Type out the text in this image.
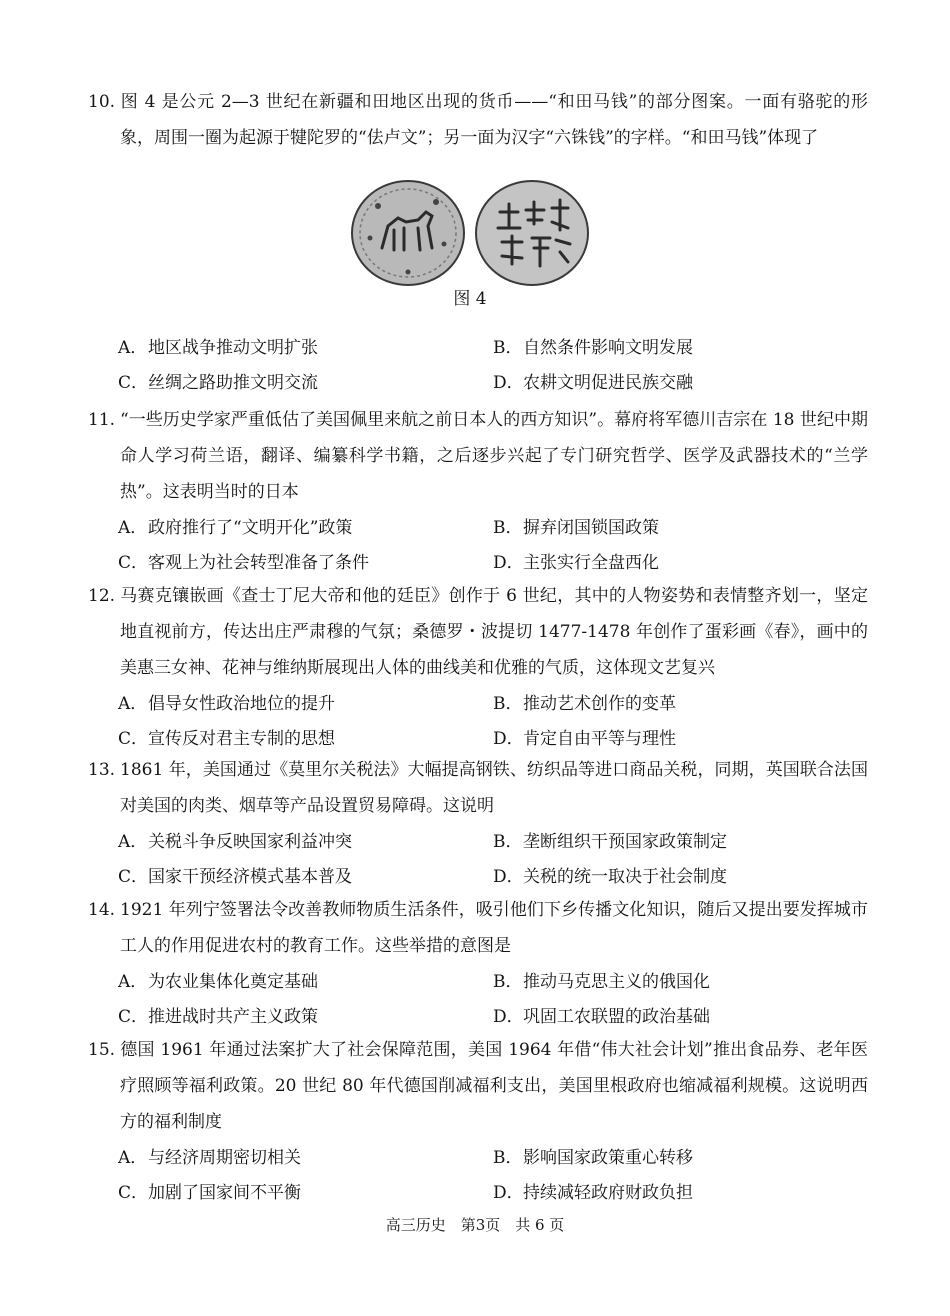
10. 图 4 是公元 2—3 世纪在新疆和田地区出现的货币——“和田马钱”的部分图案。一面有骆驼的形象，周围一圈为起源于犍陀罗的“佉卢文”；另一面为汉字“六铢钱”的字样。“和田马钱”体现了

图 4
A．地区战争推动文明扩张	B．自然条件影响文明发展
C．丝绸之路助推文明交流	D．农耕文明促进民族交融

11. “一些历史学家严重低估了美国佩里来航之前日本人的西方知识”。幕府将军德川吉宗在 18 世纪中期命人学习荷兰语，翻译、编纂科学书籍，之后逐步兴起了专门研究哲学、医学及武器技术的“兰学热”。这表明当时的日本

A．政府推行了“文明开化”政策	B．摒弃闭国锁国政策
C．客观上为社会转型准备了条件	D．主张实行全盘西化

12. 马赛克镶嵌画《查士丁尼大帝和他的廷臣》创作于 6 世纪，其中的人物姿势和表情整齐划一，坚定地直视前方，传达出庄严肃穆的气氛；桑德罗・波提切 1477-1478 年创作了蛋彩画《春》，画中的美惠三女神、花神与维纳斯展现出人体的曲线美和优雅的气质，这体现文艺复兴

A．倡导女性政治地位的提升	B．推动艺术创作的变革
C．宣传反对君主专制的思想	D．肯定自由平等与理性

13. 1861 年，美国通过《莫里尔关税法》大幅提高钢铁、纺织品等进口商品关税，同期，英国联合法国对美国的肉类、烟草等产品设置贸易障碍。这说明

A．关税斗争反映国家利益冲突	B．垄断组织干预国家政策制定
C．国家干预经济模式基本普及	D．关税的统一取决于社会制度

14. 1921 年列宁签署法令改善教师物质生活条件，吸引他们下乡传播文化知识，随后又提出要发挥城市工人的作用促进农村的教育工作。这些举措的意图是

A．为农业集体化奠定基础	B．推动马克思主义的俄国化
C．推进战时共产主义政策	D．巩固工农联盟的政治基础

15. 德国 1961 年通过法案扩大了社会保障范围，美国 1964 年借“伟大社会计划”推出食品券、老年医疗照顾等福利政策。20 世纪 80 年代德国削减福利支出，美国里根政府也缩减福利规模。这说明西方的福利制度

A．与经济周期密切相关	B．影响国家政策重心转移
C．加剧了国家间不平衡	D．持续减轻政府财政负担
高三历史　第3页　共 6 页
